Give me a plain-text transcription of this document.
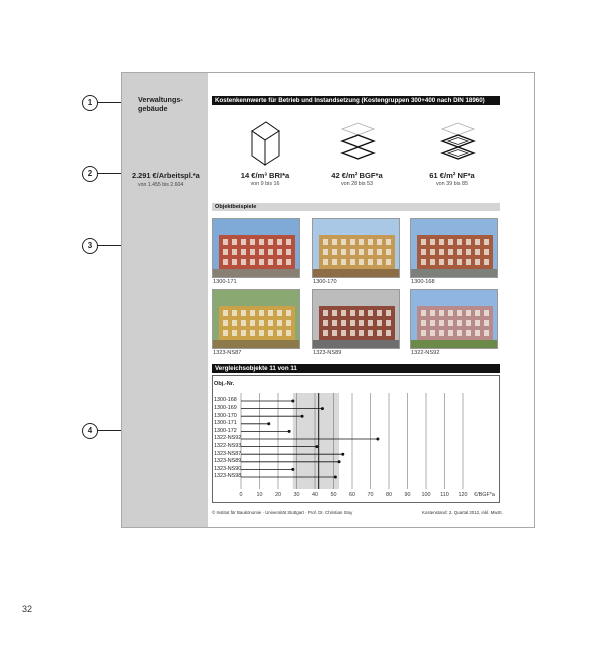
1
2
3
4
Verwaltungs-
gebäude
2.291 €/Arbeitspl.*a
von 1.455 bis 2.604
Kostenkennwerte für Betrieb und Instandsetzung (Kostengruppen 300+400 nach DIN 18960)
14 €/m³ BRI*a
von 9 bis 16
42 €/m² BGF*a
von 28 bis 53
61 €/m² NF*a
von 39 bis 85
Objektbeispiele
1300-171	1300-170	1300-168
1323-NS87	1323-NS89	1322-NS92
Vergleichsobjekte 11 von 11
Obj.-Nr.
1300-168
1300-169
1300-170
1300-171
1300-172
1322-NS92
1322-NS93
1323-NS87
1323-NS89
1323-NS90
1323-NS98
0	10	20	30	40	50	60	70	80	90	100	110	120	€/BGF*a
© Institut für Baukönomie · Universität Stuttgart · Prof. Dr. Christian Stoy	Kostenstand: 2. Quartal 2012, inkl. MwSt.
32
